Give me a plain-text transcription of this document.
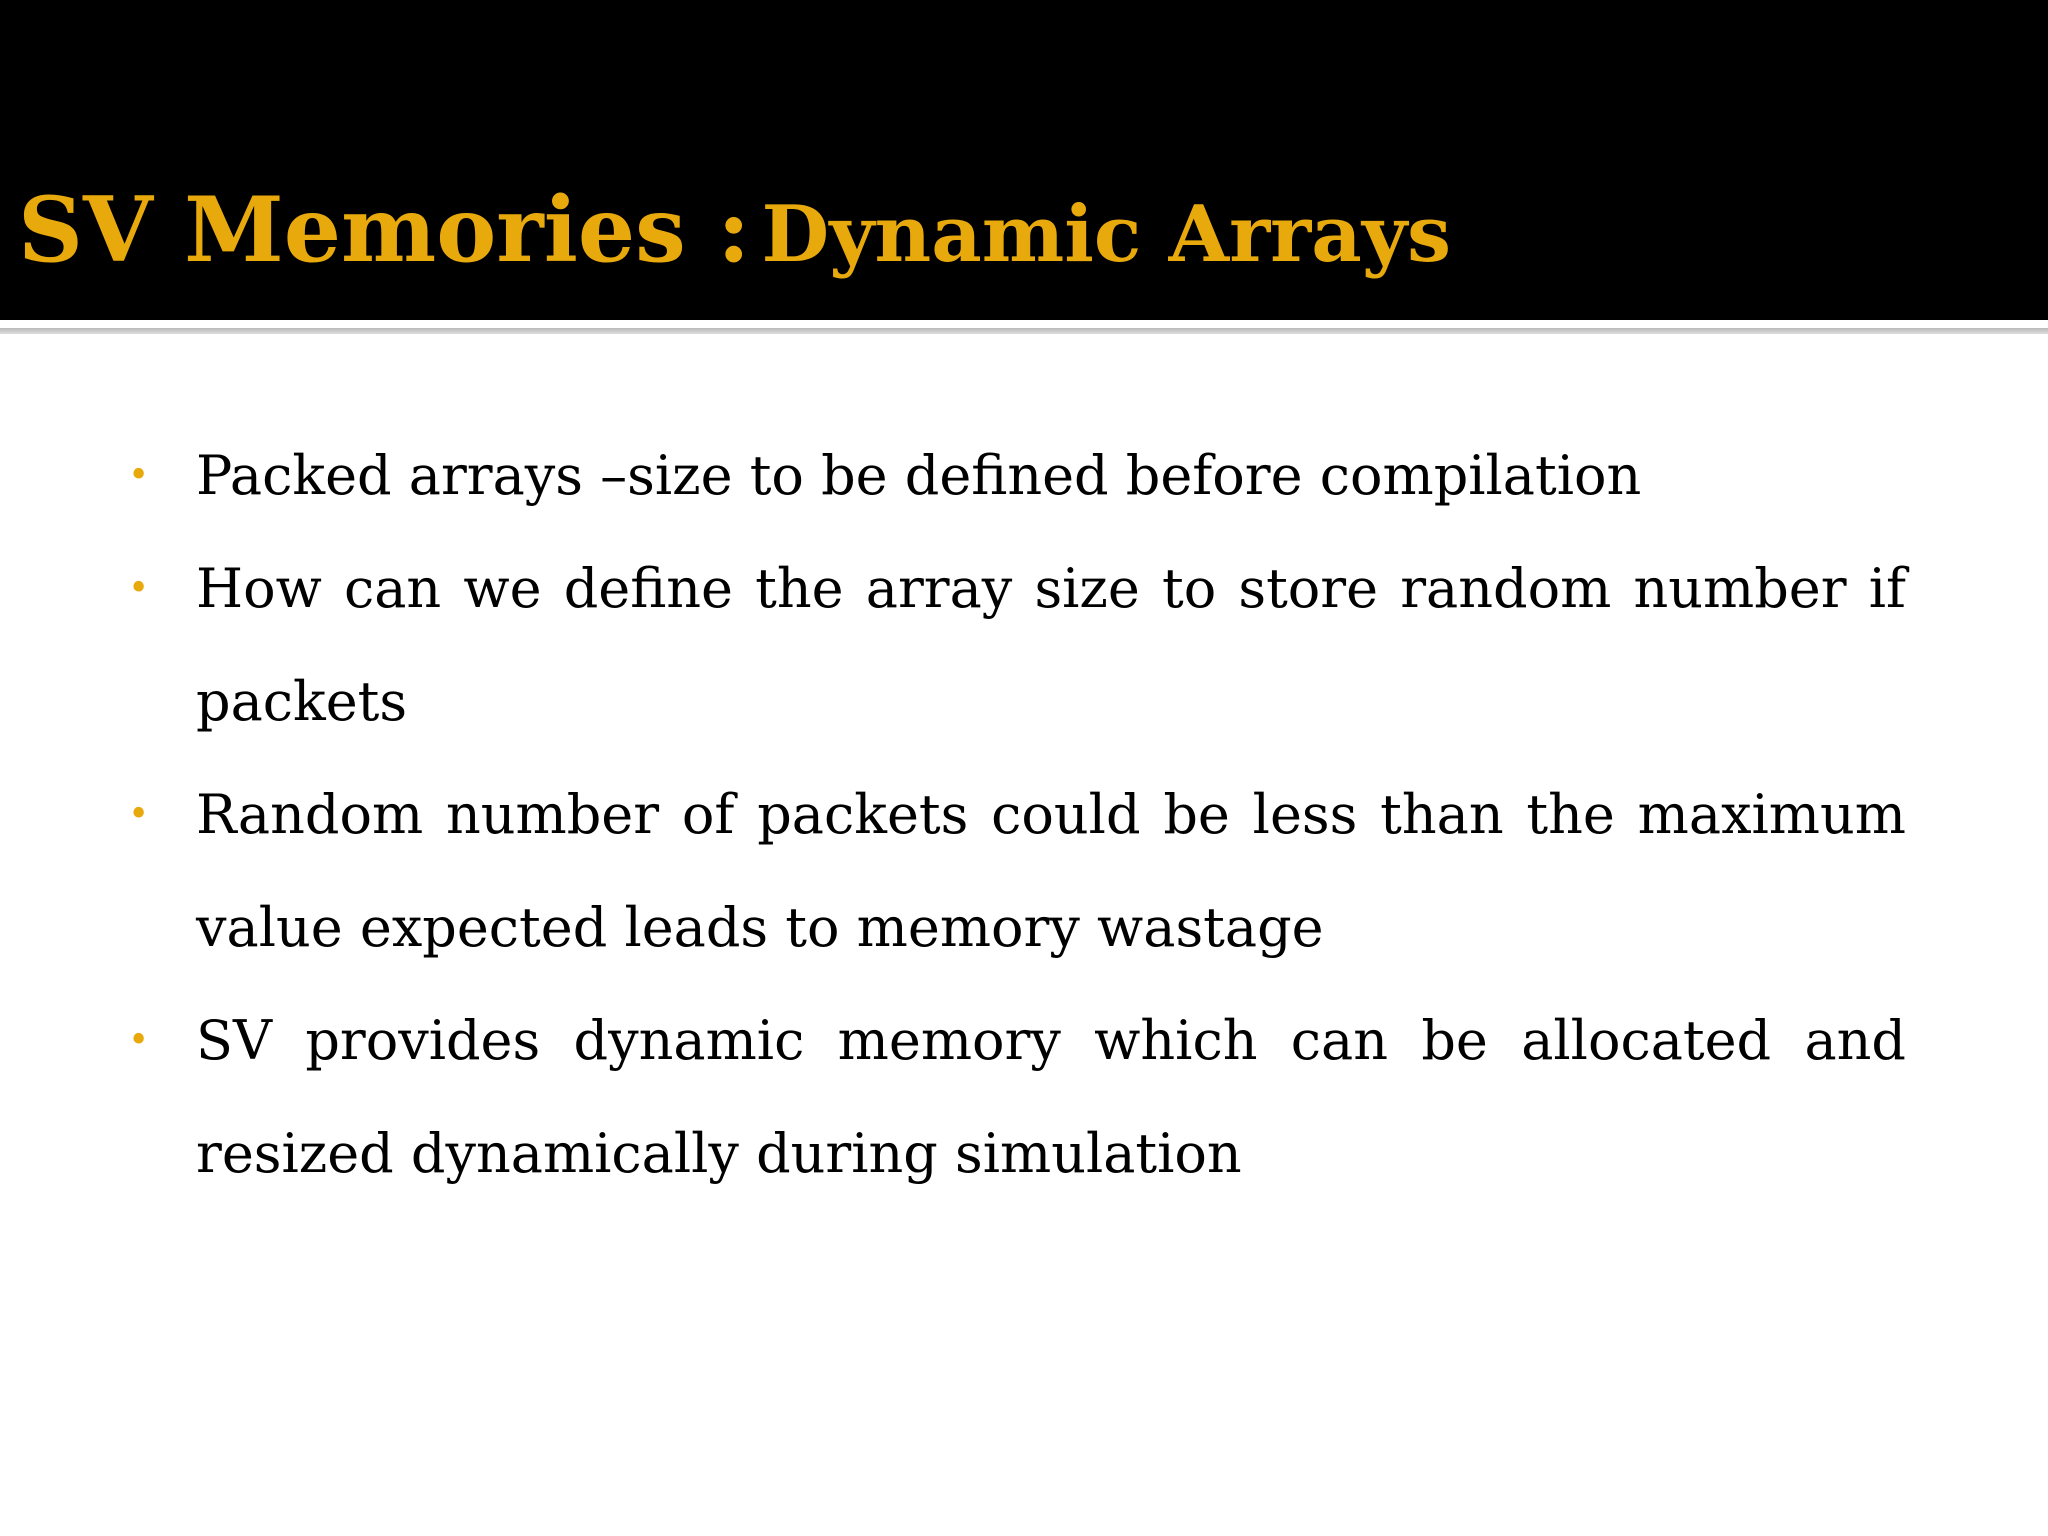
SV Memories : Dynamic Arrays
• Packed arrays –size to be defined before compilation
• How can we define the array size to store random number if packets
• Random number of packets could be less than the maximum value expected leads to memory wastage
• SV provides dynamic memory which can be allocated and resized dynamically during simulation
